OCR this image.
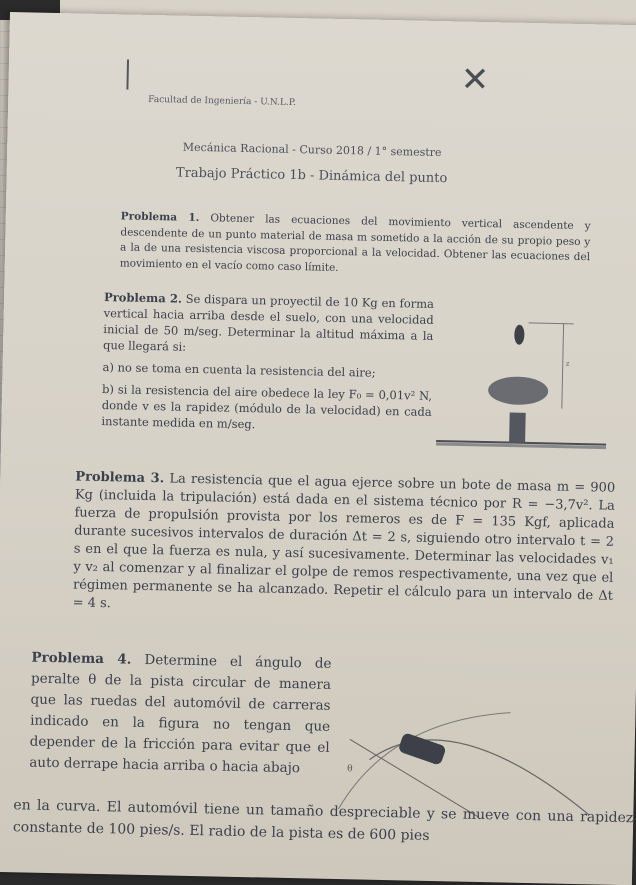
✕
Facultad de Ingeniería - U.N.L.P.
Mecánica Racional - Curso 2018 / 1° semestre
Trabajo Práctico 1b - Dinámica del punto
Problema 1. Obtener las ecuaciones del movimiento vertical ascendente y descendente de un punto material de masa m sometido a la acción de su propio peso y a la de una resistencia viscosa proporcional a la velocidad. Obtener las ecuaciones del movimiento en el vacío como caso límite.
Problema 2. Se dispara un proyectil de 10 Kg en forma vertical hacia arriba desde el suelo, con una velocidad inicial de 50 m/seg. Determinar la altitud máxima a la que llegará si:
a) no se toma en cuenta la resistencia del aire;
b) si la resistencia del aire obedece la ley F₀ = 0,01v² N, donde v es la rapidez (módulo de la velocidad) en cada instante medida en m/seg.
z
Problema 3. La resistencia que el agua ejerce sobre un bote de masa m = 900 Kg (incluida la tripulación) está dada en el sistema técnico por R = −3,7v². La fuerza de propulsión provista por los remeros es de F = 135 Kgf, aplicada durante sucesivos intervalos de duración Δt = 2 s, siguiendo otro intervalo t = 2 s en el que la fuerza es nula, y así sucesivamente. Determinar las velocidades v₁ y v₂ al comenzar y al finalizar el golpe de remos respectivamente, una vez que el régimen permanente se ha alcanzado. Repetir el cálculo para un intervalo de Δt = 4 s.
Problema 4. Determine el ángulo de peralte θ de la pista circular de manera que las ruedas del automóvil de carreras indicado en la figura no tengan que depender de la fricción para evitar que el auto derrape hacia arriba o hacia abajo	θ
en la curva. El automóvil tiene un tamaño despreciable y se mueve con una rapidez constante de 100 pies/s. El radio de la pista es de 600 pies
